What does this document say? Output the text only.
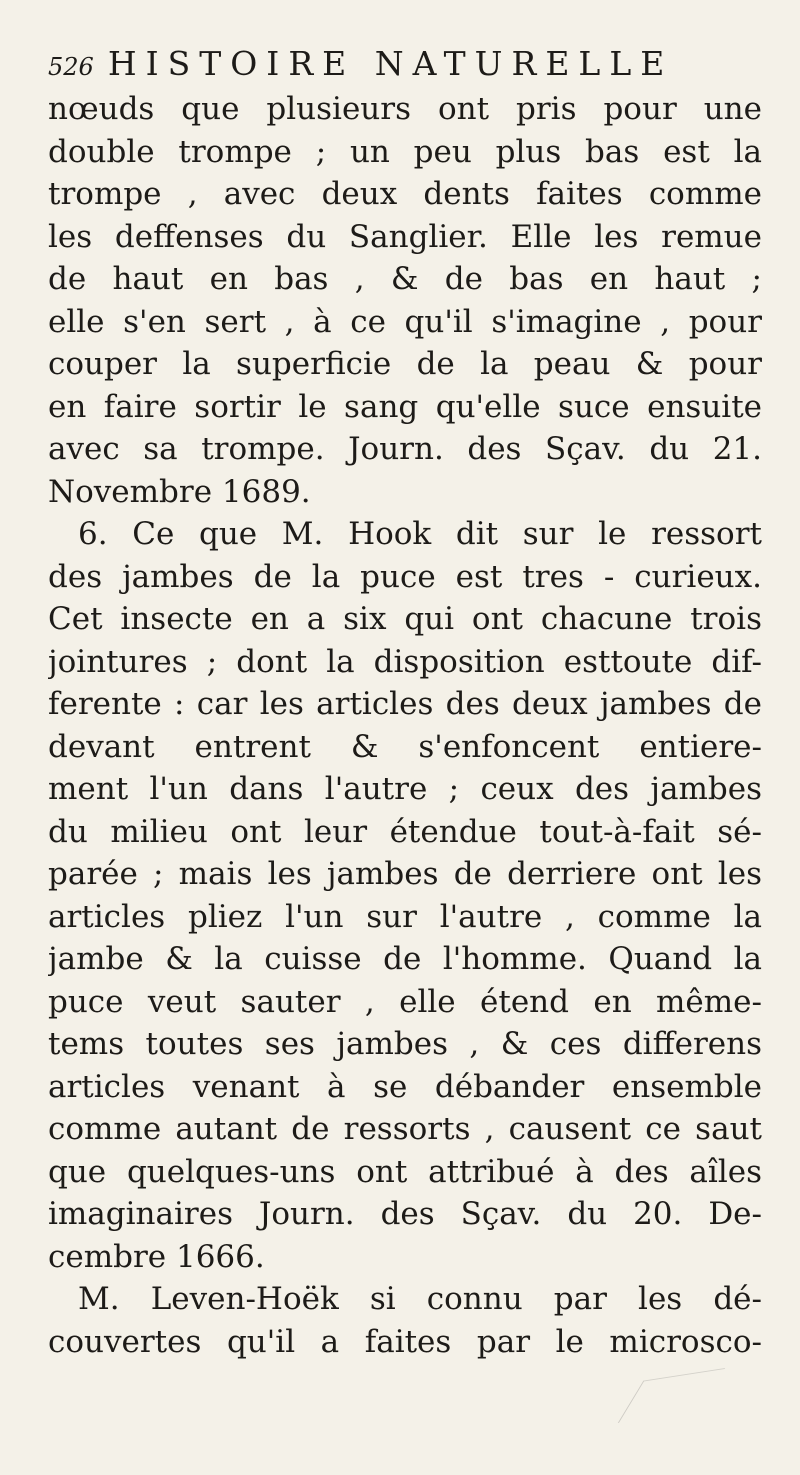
526 HISTOIRE NATURELLE
nœuds que plusieurs ont pris pour une
double trompe ; un peu plus bas est la
trompe , avec deux dents faites comme
les deffenses du Sanglier. Elle les remue
de haut en bas , & de bas en haut ;
elle s'en sert , à ce qu'il s'imagine , pour
couper la superficie de la peau & pour
en faire sortir le sang qu'elle suce ensuite
avec sa trompe. Journ. des Sçav. du 21.
Novembre 1689.
6. Ce que M. Hook dit sur le ressort
des jambes de la puce est tres - curieux.
Cet insecte en a six qui ont chacune trois
jointures ; dont la disposition esttoute dif-
ferente : car les articles des deux jambes de
devant entrent & s'enfoncent entiere-
ment l'un dans l'autre ; ceux des jambes
du milieu ont leur étendue tout-à-fait sé-
parée ; mais les jambes de derriere ont les
articles pliez l'un sur l'autre , comme la
jambe & la cuisse de l'homme. Quand la
puce veut sauter , elle étend en même-
tems toutes ses jambes , & ces differens
articles venant à se débander ensemble
comme autant de ressorts , causent ce saut
que quelques-uns ont attribué à des aîles
imaginaires Journ. des Sçav. du 20. De-
cembre 1666.
M. Leven-Hoëk si connu par les dé-
couvertes qu'il a faites par le microsco-
